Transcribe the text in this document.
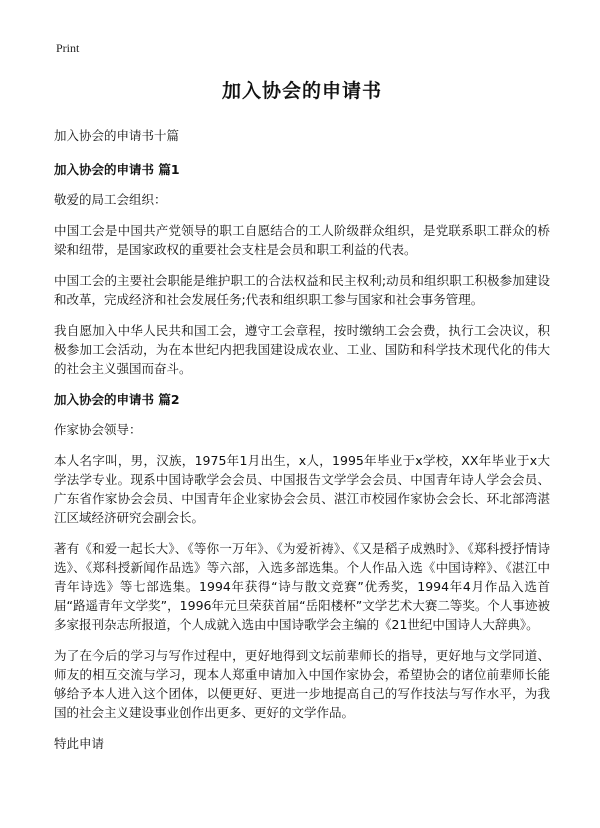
Print
加入协会的申请书
加入协会的申请书十篇
加入协会的申请书 篇1

敬爱的局工会组织：

中国工会是中国共产党领导的职工自愿结合的工人阶级群众组织，是党联系职工群众的桥梁和纽带，是国家政权的重要社会支柱是会员和职工利益的代表。

中国工会的主要社会职能是维护职工的合法权益和民主权利;动员和组织职工积极参加建设和改革，完成经济和社会发展任务;代表和组织职工参与国家和社会事务管理。

我自愿加入中华人民共和国工会，遵守工会章程，按时缴纳工会会费，执行工会决议，积极参加工会活动，为在本世纪内把我国建设成农业、工业、国防和科学技术现代化的伟大的社会主义强国而奋斗。

加入协会的申请书 篇2

作家协会领导：

本人名字叫，男，汉族，1975年1月出生，x人，1995年毕业于x学校，XX年毕业于x大学法学专业。现系中国诗歌学会会员、中国报告文学学会会员、中国青年诗人学会会员、广东省作家协会会员、中国青年企业家协会会员、湛江市校园作家协会会长、环北部湾湛江区域经济研究会副会长。

著有《和爱一起长大》、《等你一万年》、《为爱祈祷》、《又是稻子成熟时》、《郑科授抒情诗选》、《郑科授新闻作品选》等六部，入选多部选集。个人作品入选《中国诗粹》、《湛江中青年诗选》等七部选集。1994年获得“诗与散文竞赛”优秀奖，1994年4月作品入选首届“路遥青年文学奖”，1996年元旦荣获首届“岳阳楼杯”文学艺术大赛二等奖。个人事迹被多家报刊杂志所报道，个人成就入选由中国诗歌学会主编的《21世纪中国诗人大辞典》。

为了在今后的学习与写作过程中，更好地得到文坛前辈师长的指导，更好地与文学同道、师友的相互交流与学习，现本人郑重申请加入中国作家协会，希望协会的诸位前辈师长能够给予本人进入这个团体，以便更好、更进一步地提高自己的写作技法与写作水平，为我国的社会主义建设事业创作出更多、更好的文学作品。

特此申请
